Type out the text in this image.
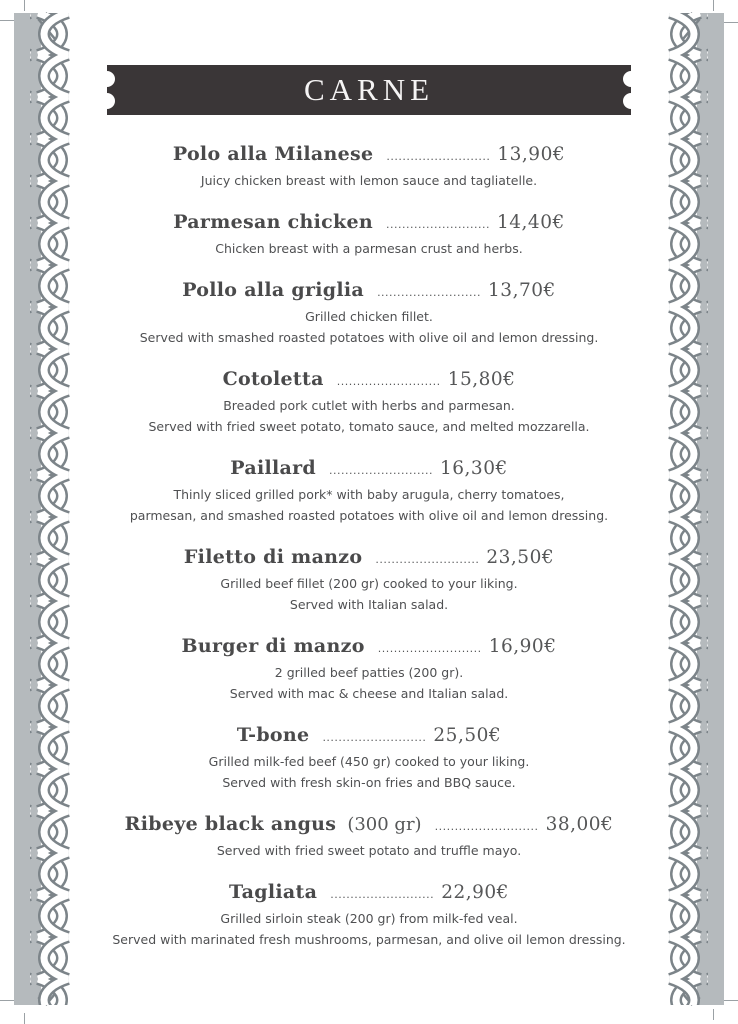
CARNE
Polo alla Milanese .......................... 13,90€
Juicy chicken breast with lemon sauce and tagliatelle.
Parmesan chicken .......................... 14,40€
Chicken breast with a parmesan crust and herbs.
Pollo alla griglia .......................... 13,70€
Grilled chicken fillet.
Served with smashed roasted potatoes with olive oil and lemon dressing.
Cotoletta .......................... 15,80€
Breaded pork cutlet with herbs and parmesan.
Served with fried sweet potato, tomato sauce, and melted mozzarella.
Paillard .......................... 16,30€
Thinly sliced grilled pork* with baby arugula, cherry tomatoes,
parmesan, and smashed roasted potatoes with olive oil and lemon dressing.
Filetto di manzo .......................... 23,50€
Grilled beef fillet (200 gr) cooked to your liking.
Served with Italian salad.
Burger di manzo .......................... 16,90€
2 grilled beef patties (200 gr).
Served with mac & cheese and Italian salad.
T-bone .......................... 25,50€
Grilled milk-fed beef (450 gr) cooked to your liking.
Served with fresh skin-on fries and BBQ sauce.
Ribeye black angus (300 gr) .......................... 38,00€
Served with fried sweet potato and truffle mayo.
Tagliata .......................... 22,90€
Grilled sirloin steak (200 gr) from milk-fed veal.
Served with marinated fresh mushrooms, parmesan, and olive oil lemon dressing.
